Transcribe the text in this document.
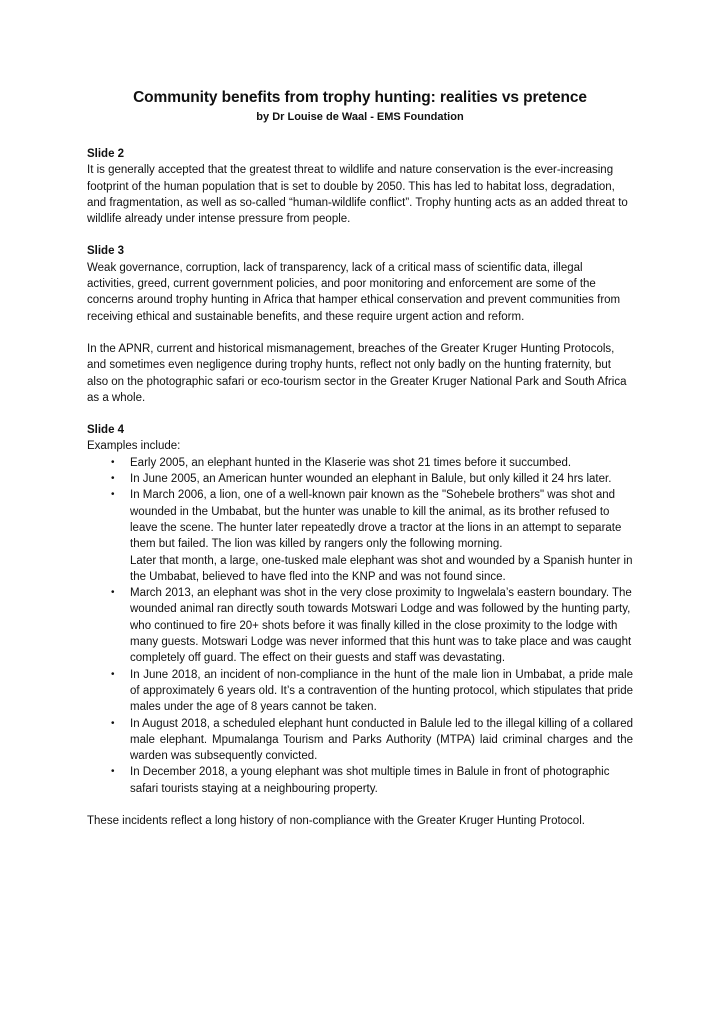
Community benefits from trophy hunting: realities vs pretence

by Dr Louise de Waal - EMS Foundation

Slide 2

It is generally accepted that the greatest threat to wildlife and nature conservation is the ever-increasing footprint of the human population that is set to double by 2050. This has led to habitat loss, degradation, and fragmentation, as well as so-called “human-wildlife conflict”. Trophy hunting acts as an added threat to wildlife already under intense pressure from people.

Slide 3

Weak governance, corruption, lack of transparency, lack of a critical mass of scientific data, illegal activities, greed, current government policies, and poor monitoring and enforcement are some of the concerns around trophy hunting in Africa that hamper ethical conservation and prevent communities from receiving ethical and sustainable benefits, and these require urgent action and reform.

In the APNR, current and historical mismanagement, breaches of the Greater Kruger Hunting Protocols, and sometimes even negligence during trophy hunts, reflect not only badly on the hunting fraternity, but also on the photographic safari or eco-tourism sector in the Greater Kruger National Park and South Africa as a whole.

Slide 4

Examples include:

• Early 2005, an elephant hunted in the Klaserie was shot 21 times before it succumbed.
• In June 2005, an American hunter wounded an elephant in Balule, but only killed it 24 hrs later.
• In March 2006, a lion, one of a well-known pair known as the "Sohebele brothers" was shot and wounded in the Umbabat, but the hunter was unable to kill the animal, as its brother refused to leave the scene. The hunter later repeatedly drove a tractor at the lions in an attempt to separate them but failed. The lion was killed by rangers only the following morning.
Later that month, a large, one-tusked male elephant was shot and wounded by a Spanish hunter in the Umbabat, believed to have fled into the KNP and was not found since.
• March 2013, an elephant was shot in the very close proximity to Ingwelala’s eastern boundary. The wounded animal ran directly south towards Motswari Lodge and was followed by the hunting party, who continued to fire 20+ shots before it was finally killed in the close proximity to the lodge with many guests. Motswari Lodge was never informed that this hunt was to take place and was caught completely off guard. The effect on their guests and staff was devastating.
• In June 2018, an incident of non-compliance in the hunt of the male lion in Umbabat, a pride male of approximately 6 years old. It’s a contravention of the hunting protocol, which stipulates that pride males under the age of 8 years cannot be taken.
• In August 2018, a scheduled elephant hunt conducted in Balule led to the illegal killing of a collared male elephant. Mpumalanga Tourism and Parks Authority (MTPA) laid criminal charges and the warden was subsequently convicted.
• In December 2018, a young elephant was shot multiple times in Balule in front of photographic safari tourists staying at a neighbouring property.

These incidents reflect a long history of non-compliance with the Greater Kruger Hunting Protocol.
